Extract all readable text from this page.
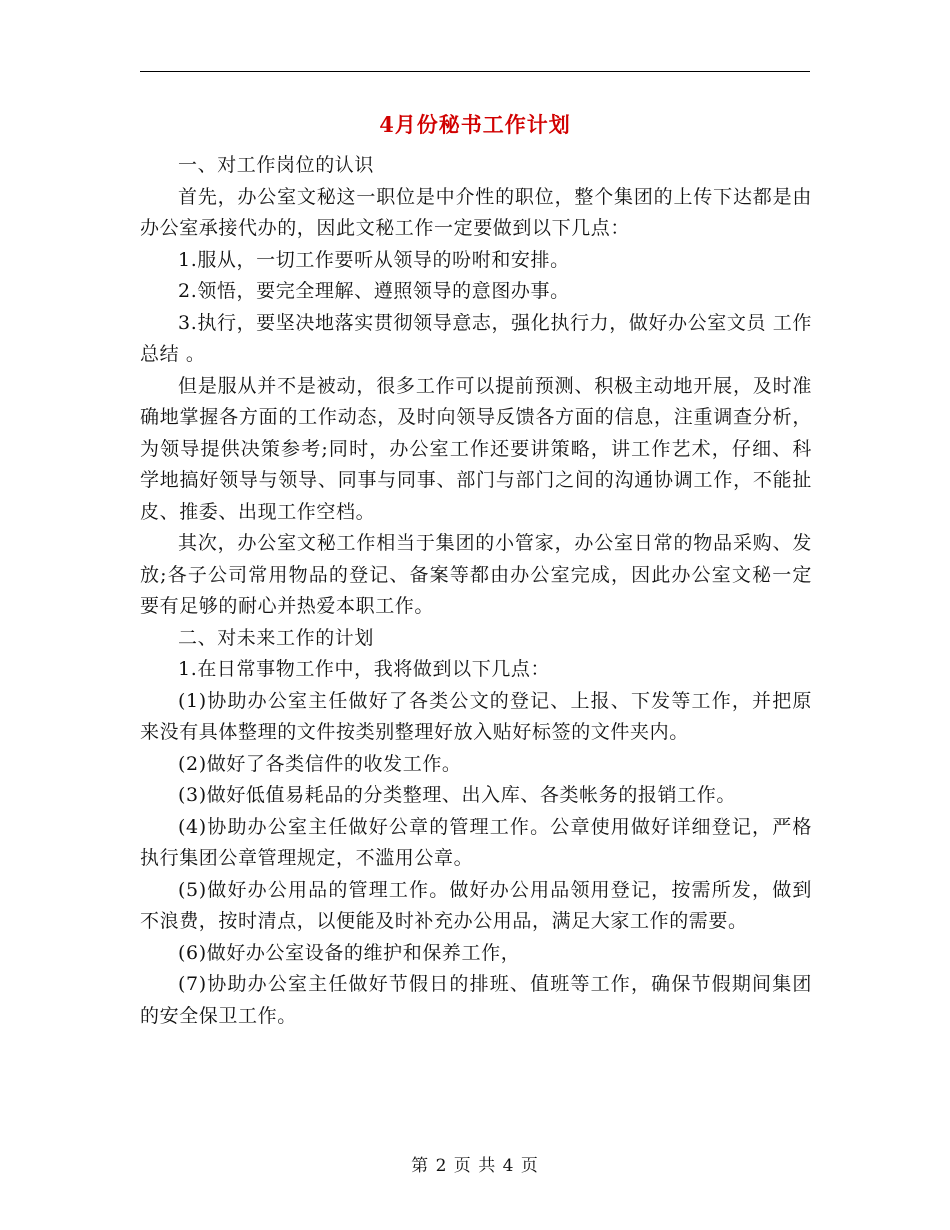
4月份秘书工作计划

一、对工作岗位的认识

首先，办公室文秘这一职位是中介性的职位，整个集团的上传下达都是由办公室承接代办的，因此文秘工作一定要做到以下几点：

1.服从，一切工作要听从领导的吩咐和安排。

2.领悟，要完全理解、遵照领导的意图办事。

3.执行，要坚决地落实贯彻领导意志，强化执行力，做好办公室文员 工作总结 。

但是服从并不是被动，很多工作可以提前预测、积极主动地开展，及时准确地掌握各方面的工作动态，及时向领导反馈各方面的信息，注重调查分析，为领导提供决策参考;同时，办公室工作还要讲策略，讲工作艺术，仔细、科学地搞好领导与领导、同事与同事、部门与部门之间的沟通协调工作，不能扯皮、推委、出现工作空档。

其次，办公室文秘工作相当于集团的小管家，办公室日常的物品采购、发放;各子公司常用物品的登记、备案等都由办公室完成，因此办公室文秘一定要有足够的耐心并热爱本职工作。

二、对未来工作的计划

1.在日常事物工作中，我将做到以下几点：

(1)协助办公室主任做好了各类公文的登记、上报、下发等工作，并把原来没有具体整理的文件按类别整理好放入贴好标签的文件夹内。

(2)做好了各类信件的收发工作。

(3)做好低值易耗品的分类整理、出入库、各类帐务的报销工作。

(4)协助办公室主任做好公章的管理工作。公章使用做好详细登记，严格执行集团公章管理规定，不滥用公章。

(5)做好办公用品的管理工作。做好办公用品领用登记，按需所发，做到不浪费，按时清点，以便能及时补充办公用品，满足大家工作的需要。

(6)做好办公室设备的维护和保养工作，

(7)协助办公室主任做好节假日的排班、值班等工作，确保节假期间集团的安全保卫工作。

第 2 页 共 4 页
